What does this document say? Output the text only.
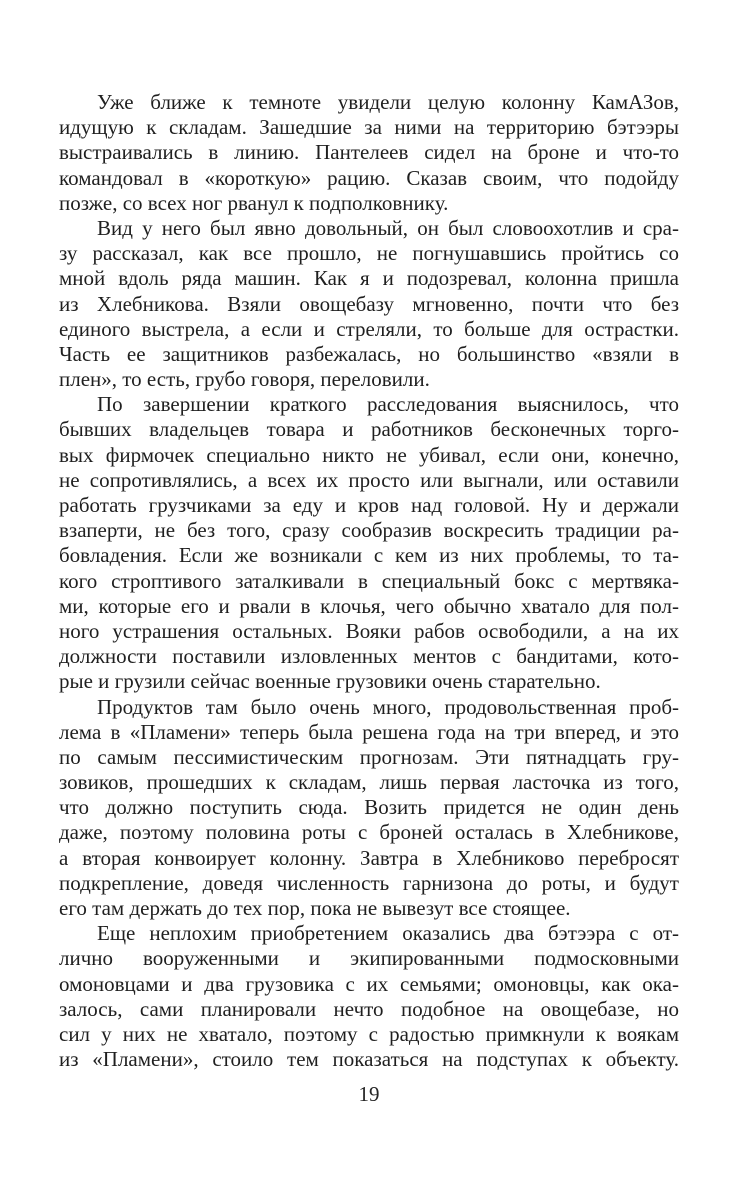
Уже ближе к темноте увидели целую колонну КамАЗов,
идущую к складам. Зашедшие за ними на территорию бэтээры
выстраивались в линию. Пантелеев сидел на броне и что-то
командовал в «короткую» рацию. Сказав своим, что подойду
позже, со всех ног рванул к подполковнику.
Вид у него был явно довольный, он был словоохотлив и сра-
зу рассказал, как все прошло, не погнушавшись пройтись со
мной вдоль ряда машин. Как я и подозревал, колонна пришла
из Хлебникова. Взяли овощебазу мгновенно, почти что без
единого выстрела, а если и стреляли, то больше для острастки.
Часть ее защитников разбежалась, но большинство «взяли в
плен», то есть, грубо говоря, переловили.
По завершении краткого расследования выяснилось, что
бывших владельцев товара и работников бесконечных торго-
вых фирмочек специально никто не убивал, если они, конечно,
не сопротивлялись, а всех их просто или выгнали, или оставили
работать грузчиками за еду и кров над головой. Ну и держали
взаперти, не без того, сразу сообразив воскресить традиции ра-
бовладения. Если же возникали с кем из них проблемы, то та-
кого строптивого заталкивали в специальный бокс с мертвяка-
ми, которые его и рвали в клочья, чего обычно хватало для пол-
ного устрашения остальных. Вояки рабов освободили, а на их
должности поставили изловленных ментов с бандитами, кото-
рые и грузили сейчас военные грузовики очень старательно.
Продуктов там было очень много, продовольственная проб-
лема в «Пламени» теперь была решена года на три вперед, и это
по самым пессимистическим прогнозам. Эти пятнадцать гру-
зовиков, прошедших к складам, лишь первая ласточка из того,
что должно поступить сюда. Возить придется не один день
даже, поэтому половина роты с броней осталась в Хлебникове,
а вторая конвоирует колонну. Завтра в Хлебниково перебросят
подкрепление, доведя численность гарнизона до роты, и будут
его там держать до тех пор, пока не вывезут все стоящее.
Еще неплохим приобретением оказались два бэтээра с от-
лично вооруженными и экипированными подмосковными
омоновцами и два грузовика с их семьями; омоновцы, как ока-
залось, сами планировали нечто подобное на овощебазе, но
сил у них не хватало, поэтому с радостью примкнули к воякам
из «Пламени», стоило тем показаться на подступах к объекту.
19
